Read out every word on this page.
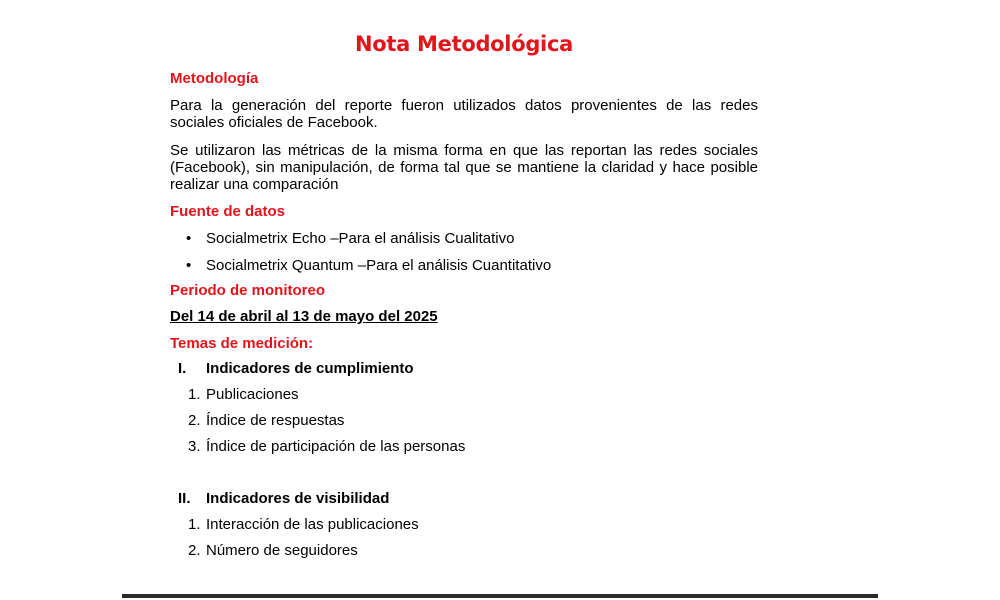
Nota Metodológica
Metodología
Para la generación del reporte fueron utilizados datos provenientes de las redes sociales oficiales de Facebook.
Se utilizaron las métricas de la misma forma en que las reportan las redes sociales (Facebook), sin manipulación, de forma tal que se mantiene la claridad y hace posible realizar una comparación
Fuente de datos
• Socialmetrix Echo –Para el análisis Cualitativo
• Socialmetrix Quantum –Para el análisis Cuantitativo
Periodo de monitoreo
Del 14 de abril al 13 de mayo del 2025
Temas de medición:
I. Indicadores de cumplimiento
1. Publicaciones
2. Índice de respuestas
3. Índice de participación de las personas
II. Indicadores de visibilidad
1. Interacción de las publicaciones
2. Número de seguidores
